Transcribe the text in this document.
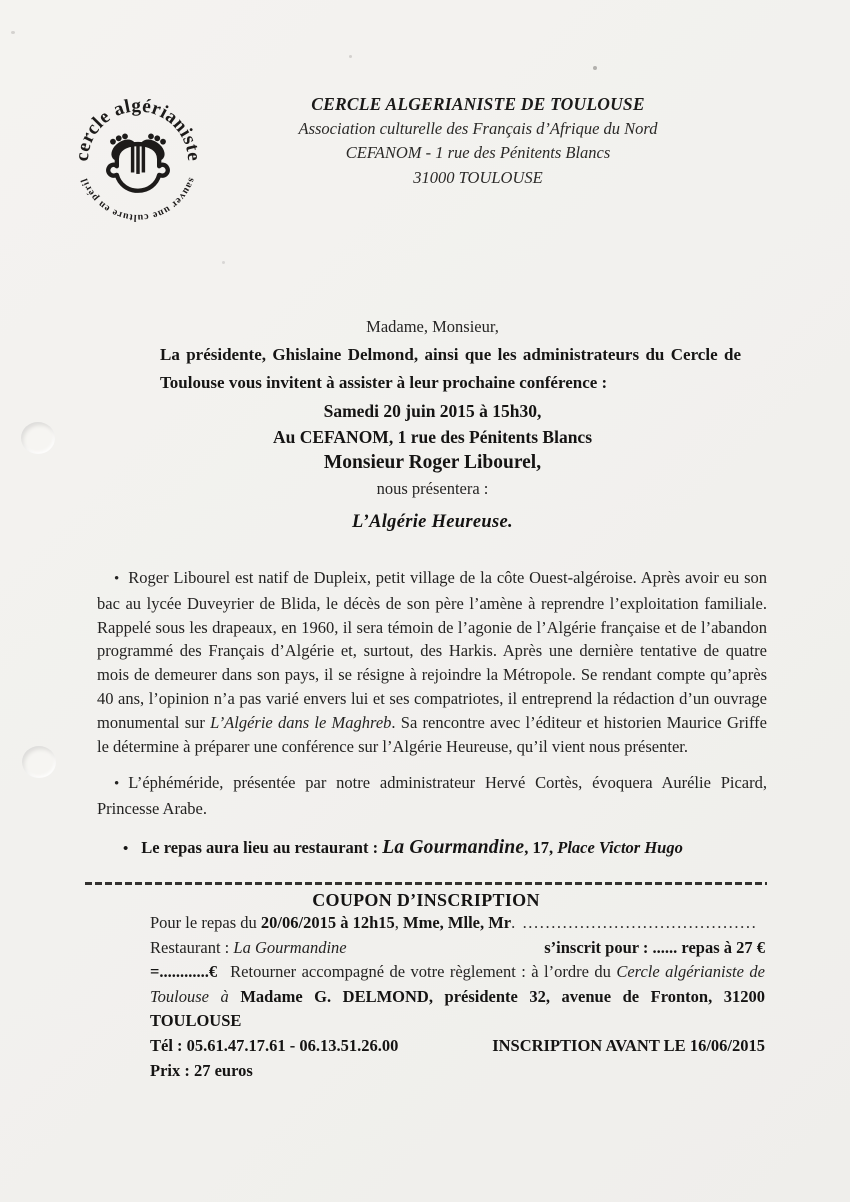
cercle algérianiste
sauver une culture en péril
CERCLE ALGERIANISTE DE TOULOUSE
Association culturelle des Français d’Afrique du Nord
CEFANOM - 1 rue des Pénitents Blancs
31000 TOULOUSE

Madame, Monsieur,

La présidente, Ghislaine Delmond, ainsi que les administrateurs du Cercle de Toulouse vous invitent à assister à leur prochaine conférence :

Samedi 20 juin 2015 à 15h30,

Au CEFANOM, 1 rue des Pénitents Blancs

Monsieur Roger Libourel,

nous présentera :

L’Algérie Heureuse.

• Roger Libourel est natif de Dupleix, petit village de la côte Ouest-algéroise. Après avoir eu son bac au lycée Duveyrier de Blida, le décès de son père l’amène à reprendre l’exploitation familiale. Rappelé sous les drapeaux, en 1960, il sera témoin de l’agonie de l’Algérie française et de l’abandon programmé des Français d’Algérie et, surtout, des Harkis. Après une dernière tentative de quatre mois de demeurer dans son pays, il se résigne à rejoindre la Métropole. Se rendant compte qu’après 40 ans, l’opinion n’a pas varié envers lui et ses compatriotes, il entreprend la rédaction d’un ouvrage monumental sur L’Algérie dans le Maghreb. Sa rencontre avec l’éditeur et historien Maurice Griffe le détermine à préparer une conférence sur l’Algérie Heureuse, qu’il vient nous présenter.

• L’éphéméride, présentée par notre administrateur Hervé Cortès, évoquera Aurélie Picard, Princesse Arabe.

• Le repas aura lieu au restaurant : La Gourmandine, 17, Place Victor Hugo

COUPON D’INSCRIPTION

Pour le repas du 20/06/2015 à 12h15, Mme, Mlle, Mr. .........................................

Restaurant : La Gourmandine	s’inscrit pour : ...... repas à 27 €

=............€ Retourner accompagné de votre règlement : à l’ordre du Cercle algérianiste de Toulouse à Madame G. DELMOND, présidente 32, avenue de Fronton, 31200 TOULOUSE

Tél : 05.61.47.17.61 - 06.13.51.26.00	INSCRIPTION AVANT LE 16/06/2015

Prix : 27 euros
